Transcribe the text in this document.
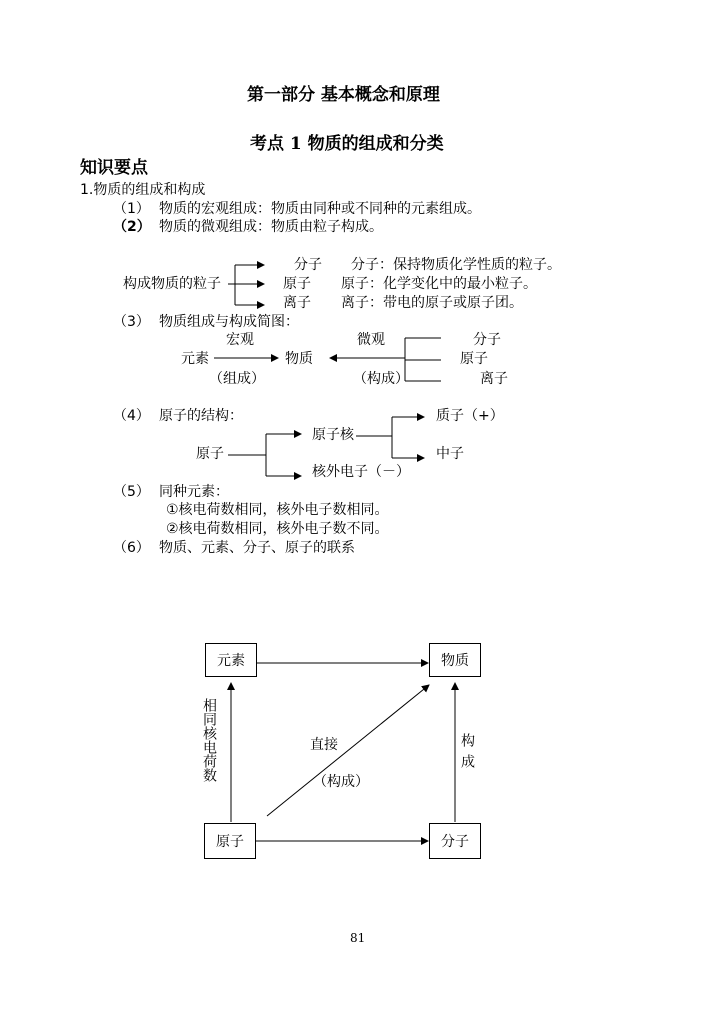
第一部分 基本概念和原理
考点 1 物质的组成和分类
知识要点
1.物质的组成和构成
（1） 物质的宏观组成：物质由同种或不同种的元素组成。
（2） 物质的微观组成：物质由粒子构成。
构成物质的粒子
分子
原子
离子
分子：保持物质化学性质的粒子。
原子：化学变化中的最小粒子。
离子：带电的原子或原子团。
（3） 物质组成与构成简图：
宏观
元素
（组成）
物质
微观
（构成）
分子
原子
离子
（4） 原子的结构：
原子
原子核
核外电子（－）
质子（+）
中子
（5） 同种元素：
①核电荷数相同，核外电子数相同。
②核电荷数相同，核外电子数不同。
（6） 物质、元素、分子、原子的联系
元素	物质
原子	分子
相同核电荷数	构成
直接
（构成）
81
